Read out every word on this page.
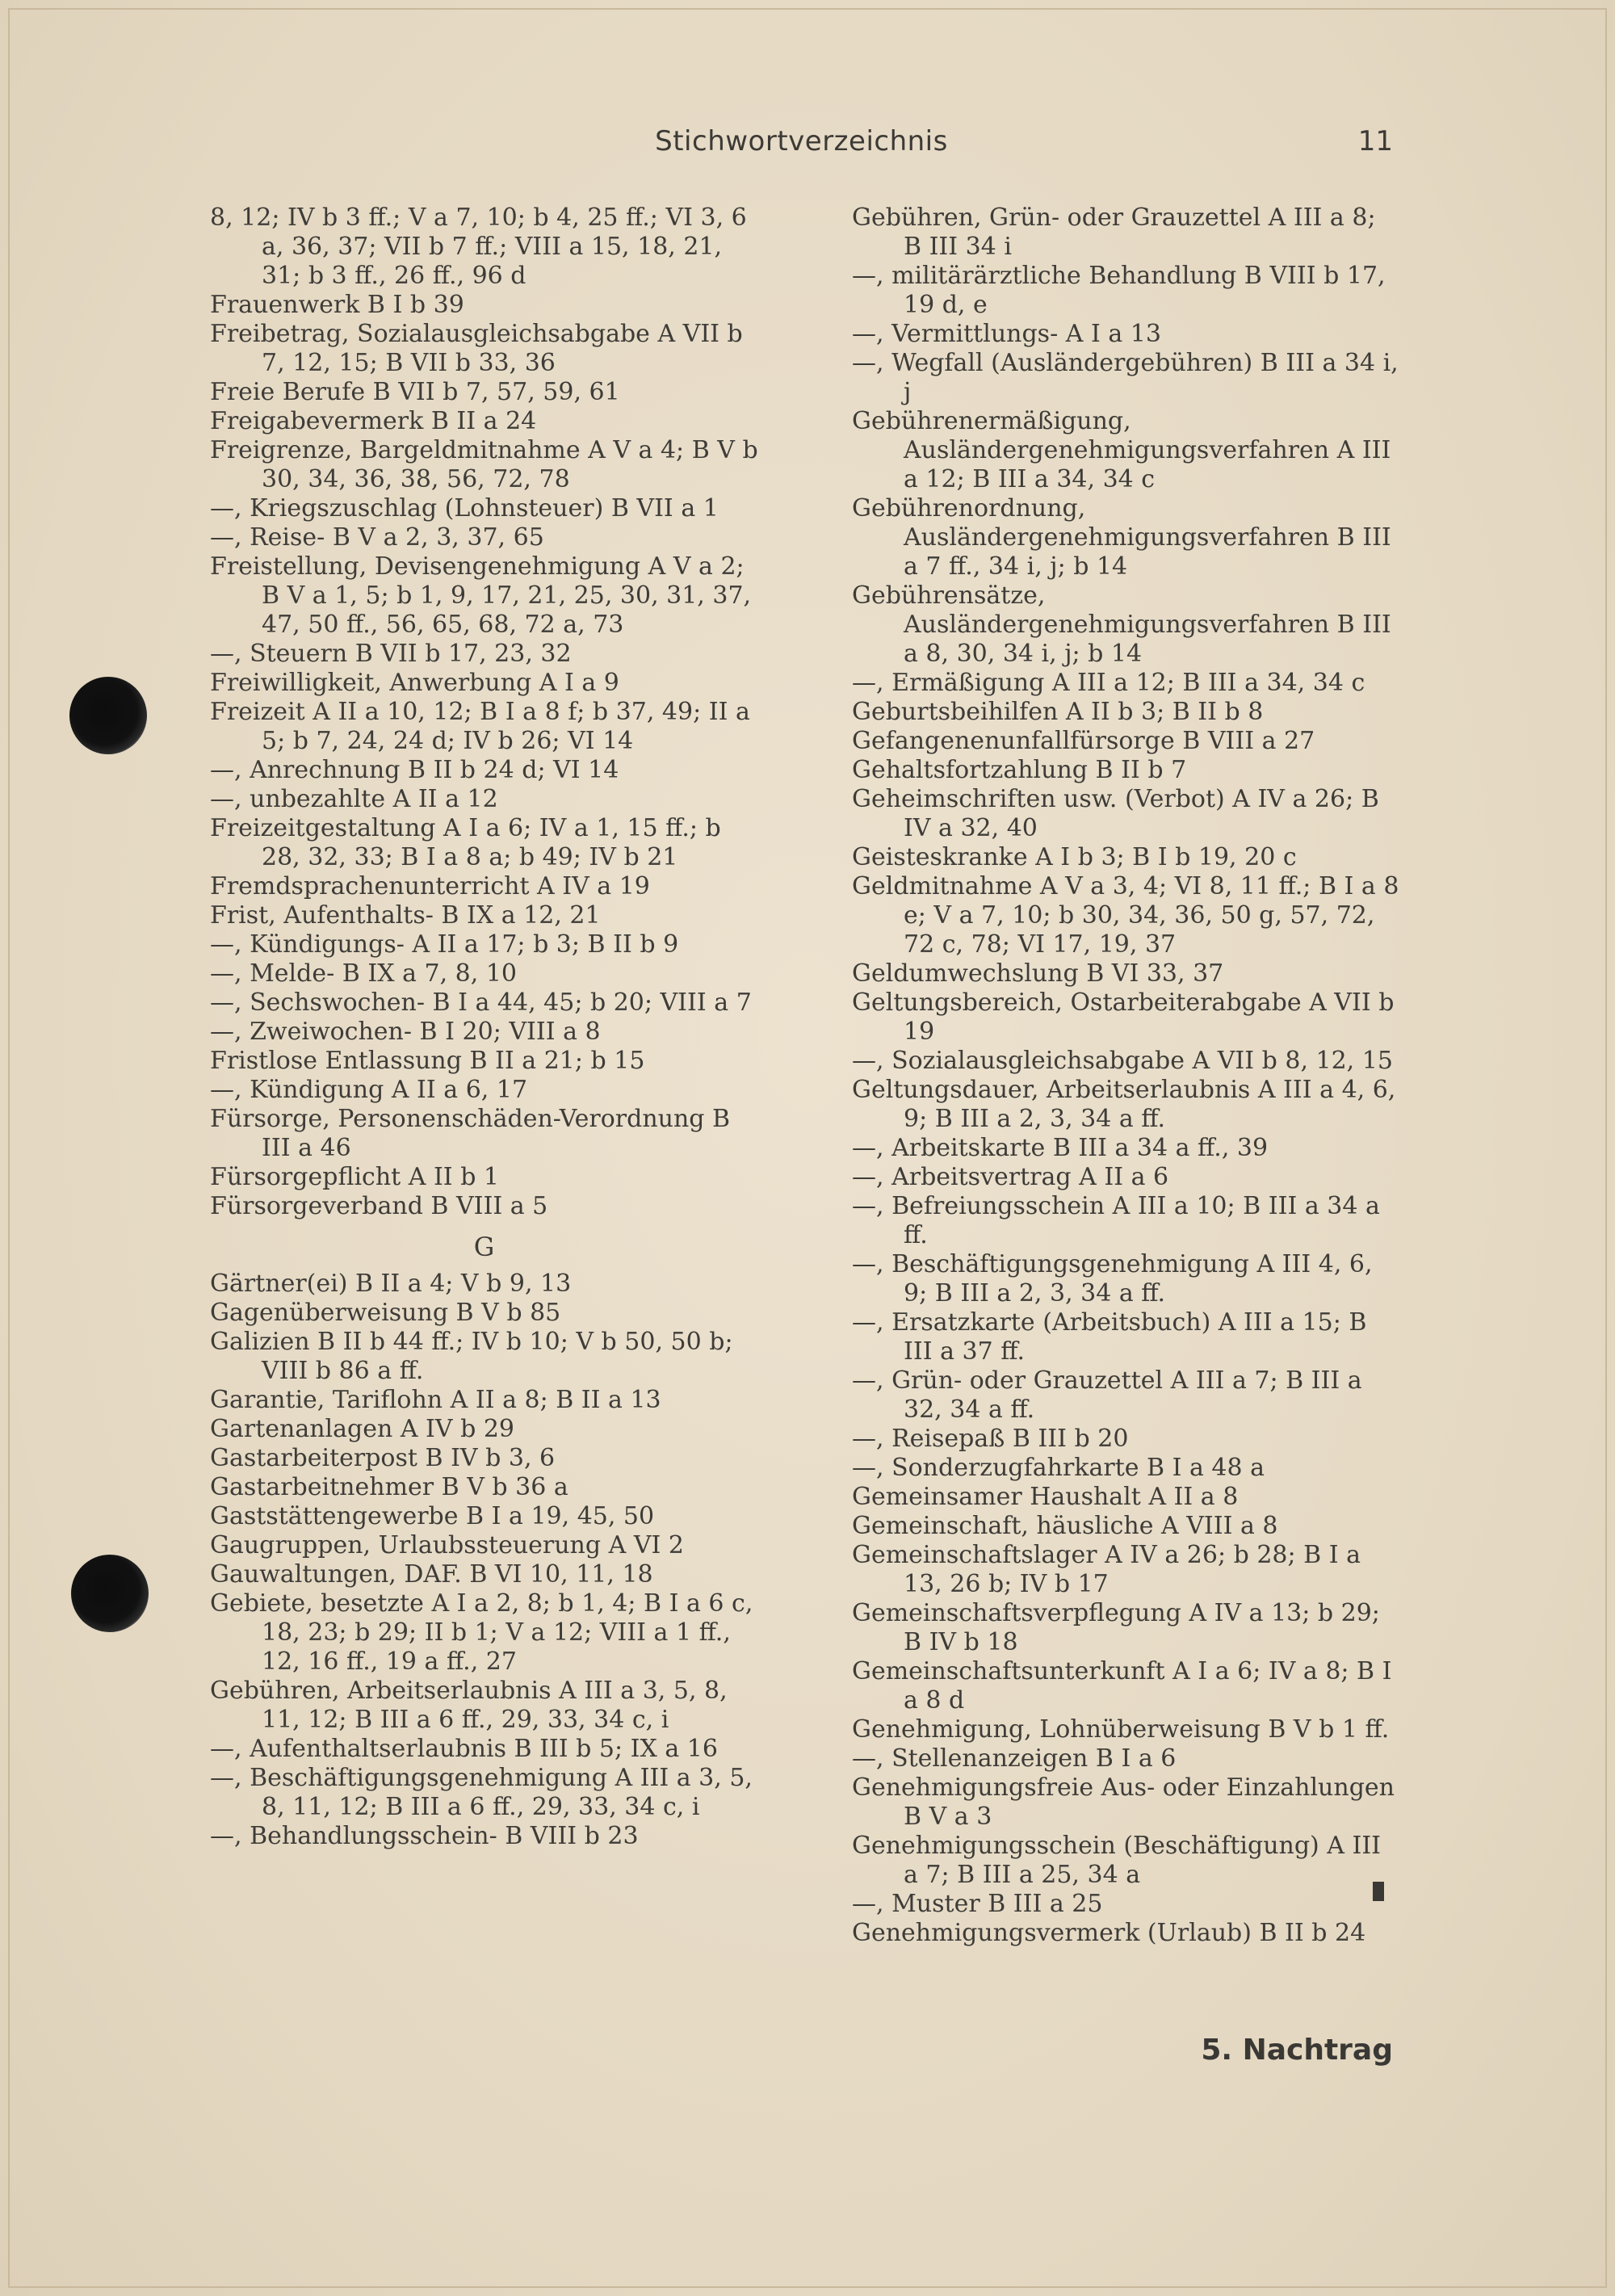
Stichwortverzeichnis	11
8, 12; IV b 3 ff.; V a 7, 10; b 4, 25 ff.; VI 3, 6 a, 36, 37; VII b 7 ff.; VIII a 15, 18, 21, 31; b 3 ff., 26 ff., 96 d
Frauenwerk B I b 39
Freibetrag, Sozialausgleichsabgabe A VII b 7, 12, 15; B VII b 33, 36
Freie Berufe B VII b 7, 57, 59, 61
Freigabevermerk B II a 24
Freigrenze, Bargeldmitnahme A V a 4; B V b 30, 34, 36, 38, 56, 72, 78
—, Kriegszuschlag (Lohnsteuer) B VII a 1
—, Reise- B V a 2, 3, 37, 65
Freistellung, Devisengenehmigung A V a 2; B V a 1, 5; b 1, 9, 17, 21, 25, 30, 31, 37, 47, 50 ff., 56, 65, 68, 72 a, 73
—, Steuern B VII b 17, 23, 32
Freiwilligkeit, Anwerbung A I a 9
Freizeit A II a 10, 12; B I a 8 f; b 37, 49; II a 5; b 7, 24, 24 d; IV b 26; VI 14
—, Anrechnung B II b 24 d; VI 14
—, unbezahlte A II a 12
Freizeitgestaltung A I a 6; IV a 1, 15 ff.; b 28, 32, 33; B I a 8 a; b 49; IV b 21
Fremdsprachenunterricht A IV a 19
Frist, Aufenthalts- B IX a 12, 21
—, Kündigungs- A II a 17; b 3; B II b 9
—, Melde- B IX a 7, 8, 10
—, Sechswochen- B I a 44, 45; b 20; VIII a 7
—, Zweiwochen- B I 20; VIII a 8
Fristlose Entlassung B II a 21; b 15
—, Kündigung A II a 6, 17
Fürsorge, Personenschäden-Verordnung B III a 46
Fürsorgepflicht A II b 1
Fürsorgeverband B VIII a 5
G
Gärtner(ei) B II a 4; V b 9, 13
Gagenüberweisung B V b 85
Galizien B II b 44 ff.; IV b 10; V b 50, 50 b; VIII b 86 a ff.
Garantie, Tariflohn A II a 8; B II a 13
Gartenanlagen A IV b 29
Gastarbeiterpost B IV b 3, 6
Gastarbeitnehmer B V b 36 a
Gaststättengewerbe B I a 19, 45, 50
Gaugruppen, Urlaubssteuerung A VI 2
Gauwaltungen, DAF. B VI 10, 11, 18
Gebiete, besetzte A I a 2, 8; b 1, 4; B I a 6 c, 18, 23; b 29; II b 1; V a 12; VIII a 1 ff., 12, 16 ff., 19 a ff., 27
Gebühren, Arbeitserlaubnis A III a 3, 5, 8, 11, 12; B III a 6 ff., 29, 33, 34 c, i
—, Aufenthaltserlaubnis B III b 5; IX a 16
—, Beschäftigungsgenehmigung A III a 3, 5, 8, 11, 12; B III a 6 ff., 29, 33, 34 c, i
—, Behandlungsschein- B VIII b 23
Gebühren, Grün- oder Grauzettel A III a 8; B III 34 i
—, militärärztliche Behandlung B VIII b 17, 19 d, e
—, Vermittlungs- A I a 13
—, Wegfall (Ausländergebühren) B III a 34 i, j
Gebührenermäßigung, Ausländergenehmigungsverfahren A III a 12; B III a 34, 34 c
Gebührenordnung, Ausländergenehmigungsverfahren B III a 7 ff., 34 i, j; b 14
Gebührensätze, Ausländergenehmigungsverfahren B III a 8, 30, 34 i, j; b 14
—, Ermäßigung A III a 12; B III a 34, 34 c
Geburtsbeihilfen A II b 3; B II b 8
Gefangenenunfallfürsorge B VIII a 27
Gehaltsfortzahlung B II b 7
Geheimschriften usw. (Verbot) A IV a 26; B IV a 32, 40
Geisteskranke A I b 3; B I b 19, 20 c
Geldmitnahme A V a 3, 4; VI 8, 11 ff.; B I a 8 e; V a 7, 10; b 30, 34, 36, 50 g, 57, 72, 72 c, 78; VI 17, 19, 37
Geldumwechslung B VI 33, 37
Geltungsbereich, Ostarbeiterabgabe A VII b 19
—, Sozialausgleichsabgabe A VII b 8, 12, 15
Geltungsdauer, Arbeitserlaubnis A III a 4, 6, 9; B III a 2, 3, 34 a ff.
—, Arbeitskarte B III a 34 a ff., 39
—, Arbeitsvertrag A II a 6
—, Befreiungsschein A III a 10; B III a 34 a ff.
—, Beschäftigungsgenehmigung A III 4, 6, 9; B III a 2, 3, 34 a ff.
—, Ersatzkarte (Arbeitsbuch) A III a 15; B III a 37 ff.
—, Grün- oder Grauzettel A III a 7; B III a 32, 34 a ff.
—, Reisepaß B III b 20
—, Sonderzugfahrkarte B I a 48 a
Gemeinsamer Haushalt A II a 8
Gemeinschaft, häusliche A VIII a 8
Gemeinschaftslager A IV a 26; b 28; B I a 13, 26 b; IV b 17
Gemeinschaftsverpflegung A IV a 13; b 29; B IV b 18
Gemeinschaftsunterkunft A I a 6; IV a 8; B I a 8 d
Genehmigung, Lohnüberweisung B V b 1 ff.
—, Stellenanzeigen B I a 6
Genehmigungsfreie Aus- oder Einzahlungen B V a 3
Genehmigungsschein (Beschäftigung) A III a 7; B III a 25, 34 a
—, Muster B III a 25
Genehmigungsvermerk (Urlaub) B II b 24
5. Nachtrag
